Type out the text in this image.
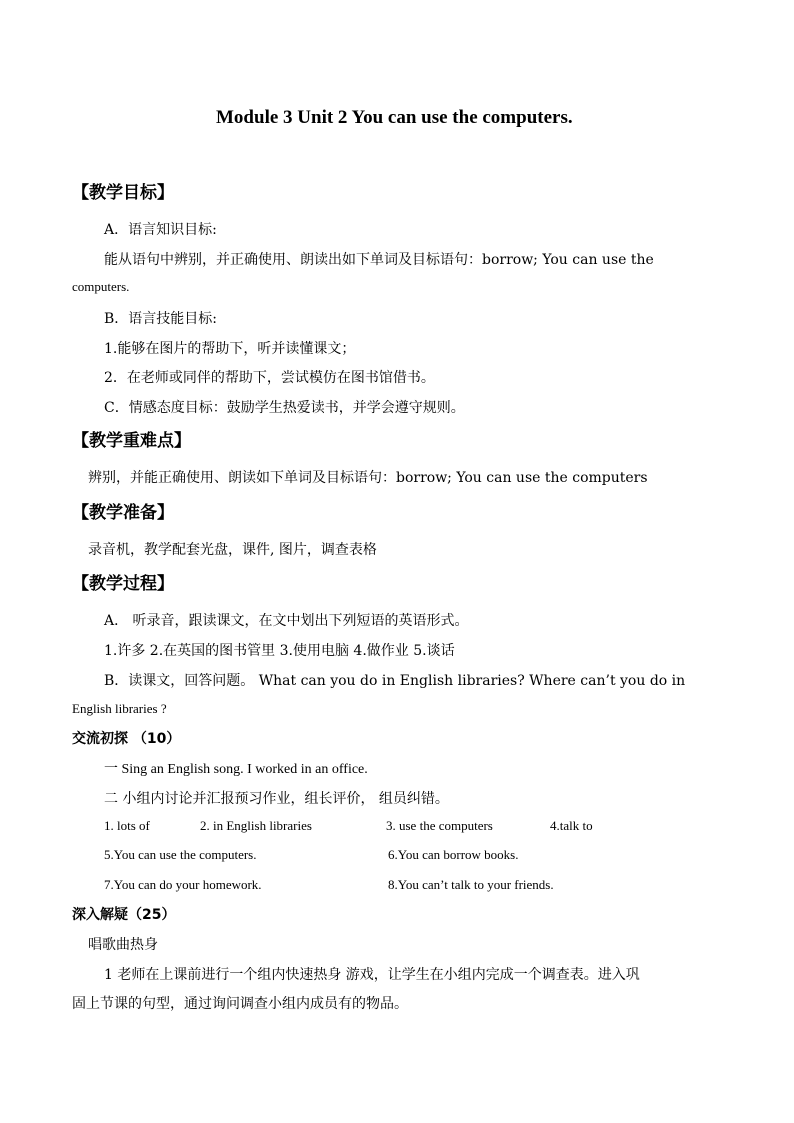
Module 3 Unit 2 You can use the computers.
【教学目标】
A．语言知识目标:
能从语句中辨别，并正确使用、朗读出如下单词及目标语句：borrow; You can use the
computers.
B．语言技能目标:
1.能够在图片的帮助下，听并读懂课文；
2．在老师或同伴的帮助下，尝试模仿在图书馆借书。
C．情感态度目标：鼓励学生热爱读书，并学会遵守规则。
【教学重难点】
辨别，并能正确使用、朗读如下单词及目标语句：borrow; You can use the computers
【教学准备】
录音机，教学配套光盘，课件, 图片，调查表格
【教学过程】
A． 听录音，跟读课文，在文中划出下列短语的英语形式。
1.许多 2.在英国的图书管里 3.使用电脑 4.做作业 5.谈话
B．读课文，回答问题。 What can you do in English libraries? Where can’t you do in
English libraries ?
交流初探 （10）
一 Sing an English song. I worked in an office.
二 小组内讨论并汇报预习作业，组长评价， 组员纠错。
1. lots of	2. in English libraries	3. use the computers	4.talk to
5.You can use the computers.	6.You can borrow books.
7.You can do your homework.	8.You can’t talk to your friends.
深入解疑（25）
唱歌曲热身
1 老师在上课前进行一个组内快速热身 游戏，让学生在小组内完成一个调查表。进入巩
固上节课的句型，通过询问调查小组内成员有的物品。
